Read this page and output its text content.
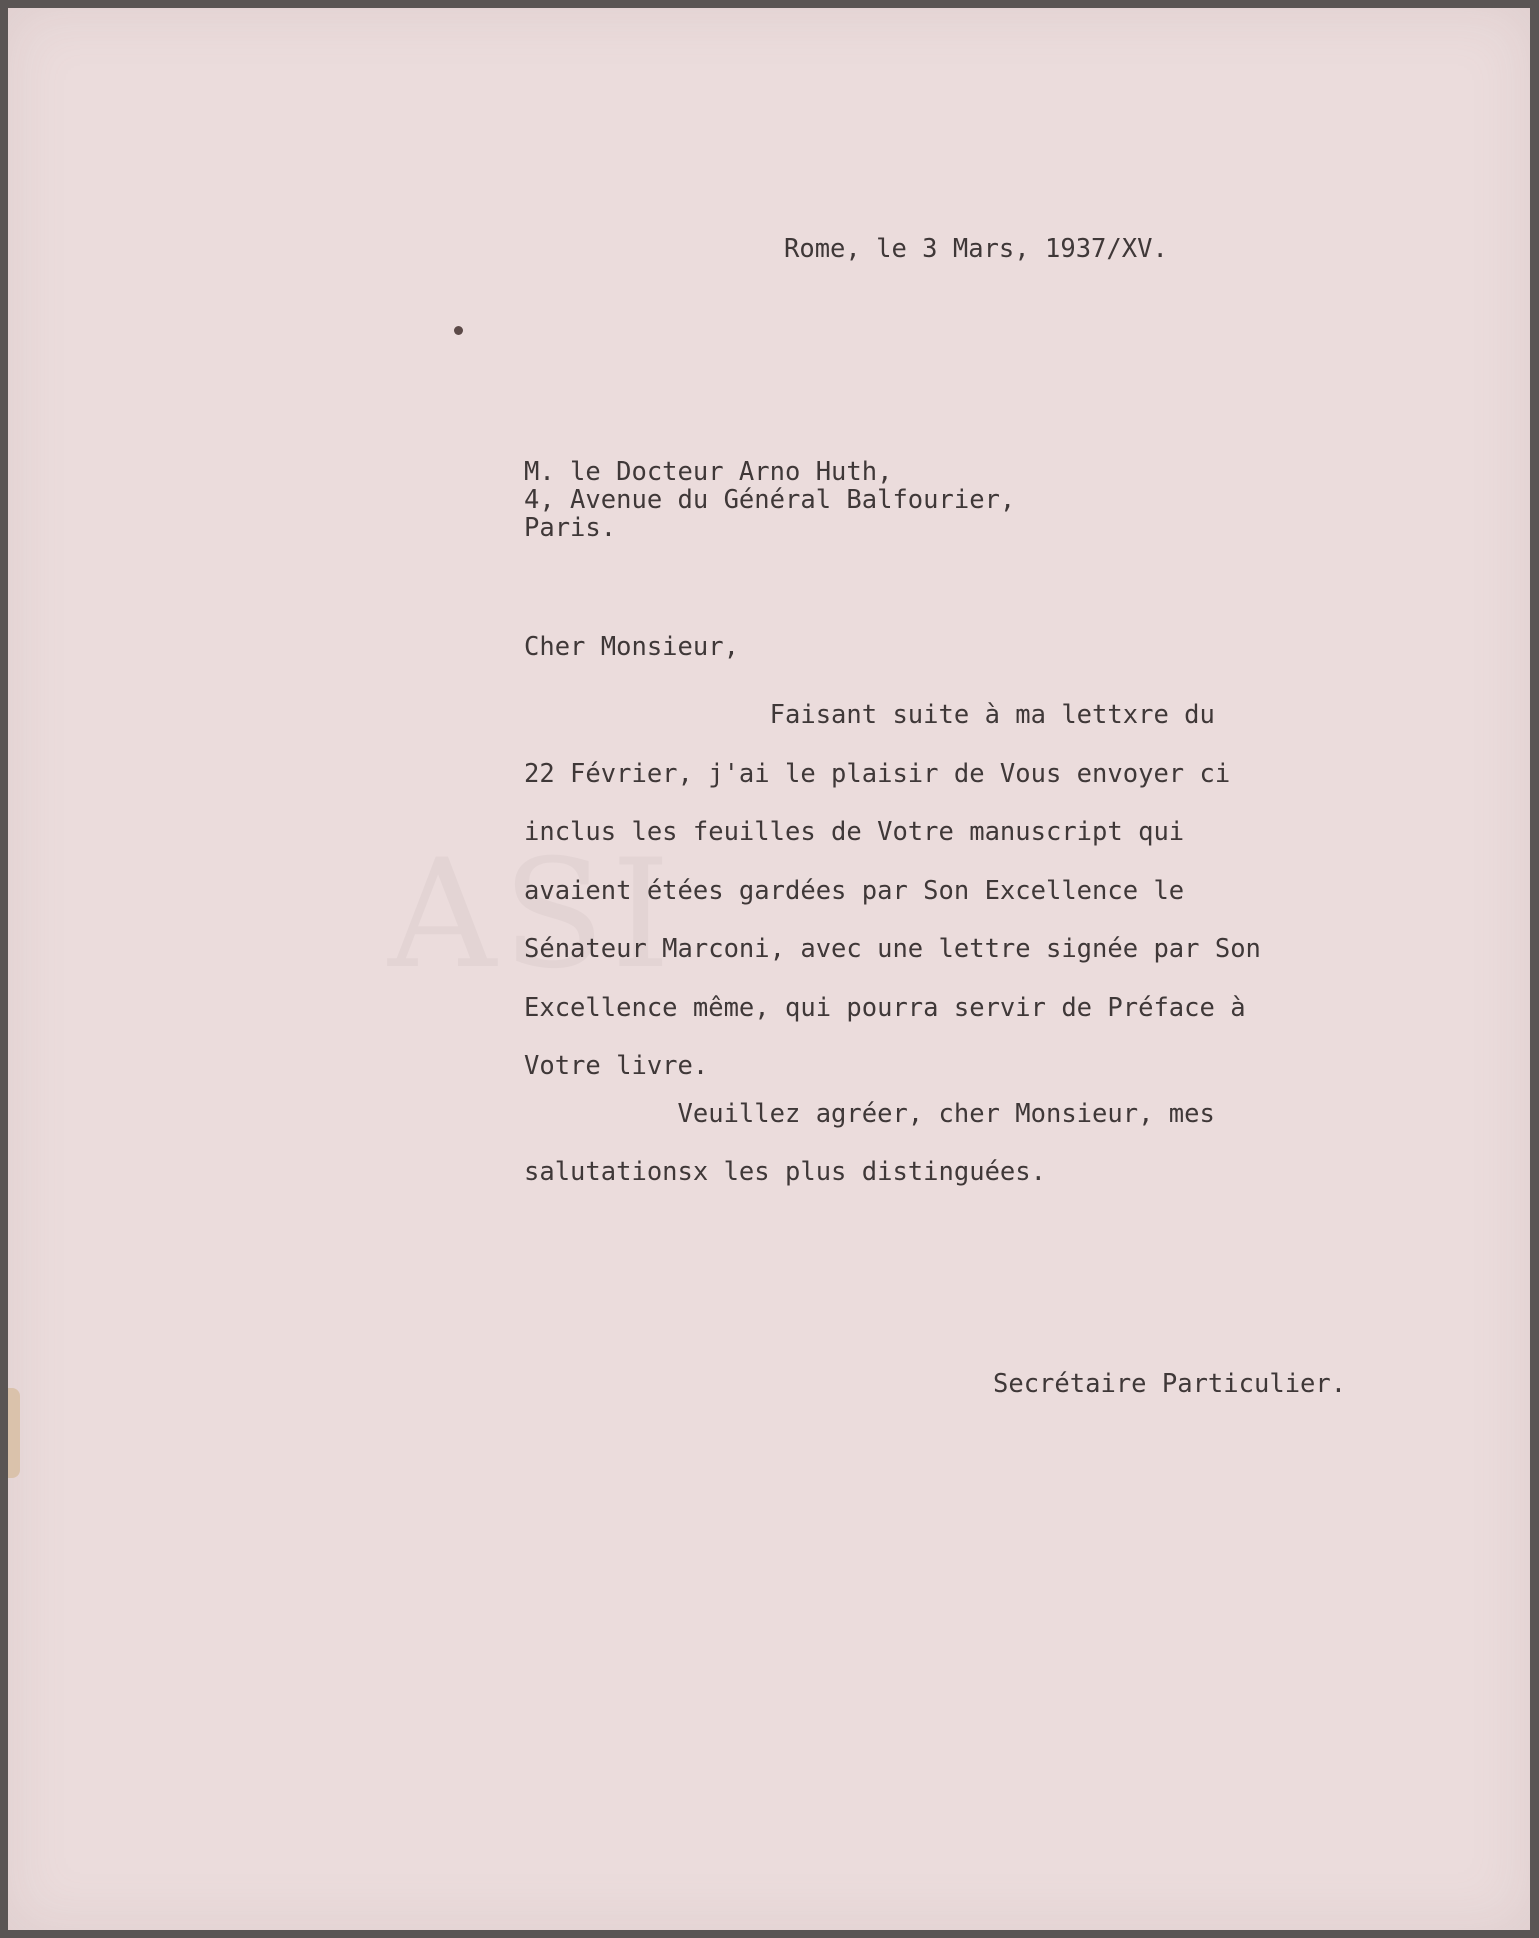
ASI

Rome, le 3 Mars, 1937/XV.

M. le Docteur Arno Huth,
4, Avenue du Général Balfourier,
Paris.

Cher Monsieur,

Faisant suite à ma lettxre du
22 Février, j'ai le plaisir de Vous envoyer ci
inclus les feuilles de Votre manuscript qui
avaient étées gardées par Son Excellence le
Sénateur Marconi, avec une lettre signée par Son
Excellence même, qui pourra servir de Préface à
Votre livre.
Veuillez agréer, cher Monsieur, mes
salutationsx les plus distinguées.

Secrétaire Particulier.
